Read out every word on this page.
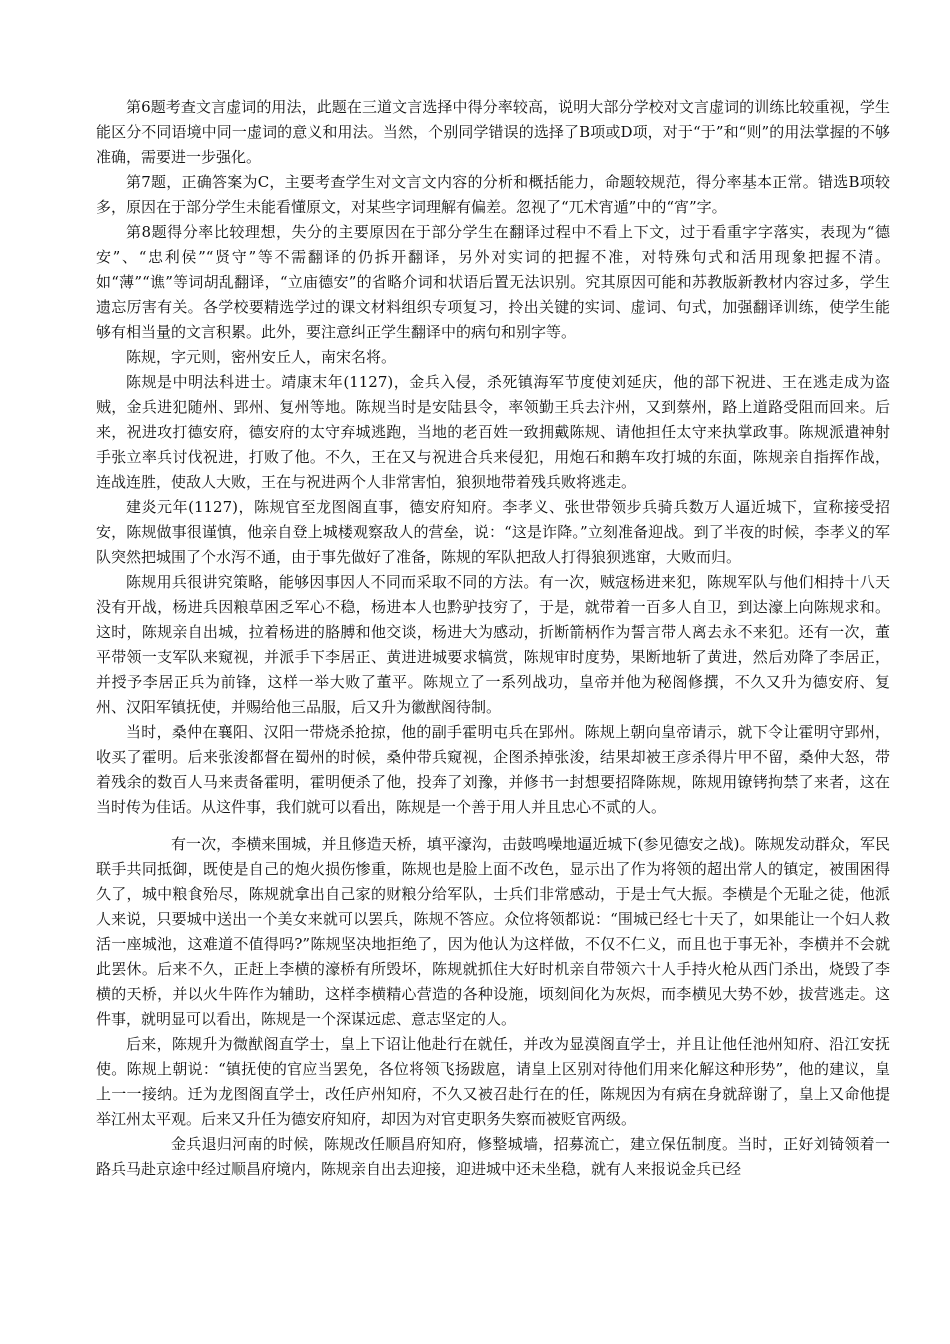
第6题考查文言虚词的用法，此题在三道文言选择中得分率较高，说明大部分学校对文言虚词的训练比较重视，学生能区分不同语境中同一虚词的意义和用法。当然，个别同学错误的选择了B项或D项，对于“于”和“则”的用法掌握的不够准确，需要进一步强化。

第7题，正确答案为C，主要考查学生对文言文内容的分析和概括能力，命题较规范，得分率基本正常。错选B项较多，原因在于部分学生未能看懂原文，对某些字词理解有偏差。忽视了“兀术宵遁”中的“宵”字。

第8题得分率比较理想，失分的主要原因在于部分学生在翻译过程中不看上下文，过于看重字字落实，表现为“德安”、“忠利侯”“贤守”等不需翻译的仍拆开翻译，另外对实词的把握不准，对特殊句式和活用现象把握不清。如“薄”“谯”等词胡乱翻译，“立庙德安”的省略介词和状语后置无法识别。究其原因可能和苏教版新教材内容过多，学生遗忘厉害有关。各学校要精选学过的课文材料组织专项复习，拎出关键的实词、虚词、句式，加强翻译训练，使学生能够有相当量的文言积累。此外，要注意纠正学生翻译中的病句和别字等。

陈规，字元则，密州安丘人，南宋名将。

陈规是中明法科进士。靖康末年(1127)，金兵入侵，杀死镇海军节度使刘延庆，他的部下祝进、王在逃走成为盗贼，金兵进犯随州、郢州、复州等地。陈规当时是安陆县令，率领勤王兵去汴州，又到蔡州，路上道路受阻而回来。后来，祝进攻打德安府，德安府的太守弃城逃跑，当地的老百姓一致拥戴陈规、请他担任太守来执掌政事。陈规派遣神射手张立率兵讨伐祝进，打败了他。不久，王在又与祝进合兵来侵犯，用炮石和鹅车攻打城的东面，陈规亲自指挥作战，连战连胜，使敌人大败，王在与祝进两个人非常害怕，狼狈地带着残兵败将逃走。

建炎元年(1127)，陈规官至龙图阁直事，德安府知府。李孝义、张世带领步兵骑兵数万人逼近城下，宣称接受招安，陈规做事很谨慎，他亲自登上城楼观察敌人的营垒，说：“这是诈降。”立刻准备迎战。到了半夜的时候，李孝义的军队突然把城围了个水泻不通，由于事先做好了准备，陈规的军队把敌人打得狼狈逃窜，大败而归。

陈规用兵很讲究策略，能够因事因人不同而采取不同的方法。有一次，贼寇杨进来犯，陈规军队与他们相持十八天没有开战，杨进兵因粮草困乏军心不稳，杨进本人也黔驴技穷了，于是，就带着一百多人自卫，到达濠上向陈规求和。这时，陈规亲自出城，拉着杨进的胳膊和他交谈，杨进大为感动，折断箭柄作为誓言带人离去永不来犯。还有一次，董平带领一支军队来窥视，并派手下李居正、黄进进城要求犒赏，陈规审时度势，果断地斩了黄进，然后劝降了李居正，并授予李居正兵为前锋，这样一举大败了董平。陈规立了一系列战功，皇帝并他为秘阁修撰，不久又升为德安府、复州、汉阳军镇抚使，并赐给他三品服，后又升为徽猷阁待制。

当时，桑仲在襄阳、汉阳一带烧杀抢掠，他的副手霍明屯兵在郢州。陈规上朝向皇帝请示，就下令让霍明守郢州，收买了霍明。后来张浚都督在蜀州的时候，桑仲带兵窥视，企图杀掉张浚，结果却被王彦杀得片甲不留，桑仲大怒，带着残余的数百人马来责备霍明，霍明便杀了他，投奔了刘豫，并修书一封想要招降陈规，陈规用镣铐拘禁了来者，这在当时传为佳话。从这件事，我们就可以看出，陈规是一个善于用人并且忠心不贰的人。

有一次，李横来围城，并且修造天桥，填平濠沟，击鼓鸣噪地逼近城下(参见德安之战)。陈规发动群众，军民联手共同抵御，既使是自己的炮火损伤惨重，陈规也是脸上面不改色，显示出了作为将领的超出常人的镇定，被围困得久了，城中粮食殆尽，陈规就拿出自己家的财粮分给军队，士兵们非常感动，于是士气大振。李横是个无耻之徒，他派人来说，只要城中送出一个美女来就可以罢兵，陈规不答应。众位将领都说：“围城已经七十天了，如果能让一个妇人救活一座城池，这难道不值得吗?”陈规坚决地拒绝了，因为他认为这样做，不仅不仁义，而且也于事无补，李横并不会就此罢休。后来不久，正赶上李横的濠桥有所毁坏，陈规就抓住大好时机亲自带领六十人手持火枪从西门杀出，烧毁了李横的天桥，并以火牛阵作为辅助，这样李横精心营造的各种设施，顷刻间化为灰烬，而李横见大势不妙，拔营逃走。这件事，就明显可以看出，陈规是一个深谋远虑、意志坚定的人。

后来，陈规升为微猷阁直学士，皇上下诏让他赴行在就任，并改为显漠阁直学士，并且让他任池州知府、沿江安抚使。陈规上朝说：“镇抚使的官应当罢免，各位将领飞扬跋扈，请皇上区别对待他们用来化解这种形势”，他的建议，皇上一一接纳。迁为龙图阁直学士，改任庐州知府，不久又被召赴行在的任，陈规因为有病在身就辞谢了，皇上又命他提举江州太平观。后来又升任为德安府知府，却因为对官吏职务失察而被贬官两级。

金兵退归河南的时候，陈规改任顺昌府知府，修整城墙，招募流亡，建立保伍制度。当时，正好刘锜领着一路兵马赴京途中经过顺昌府境内，陈规亲自出去迎接，迎进城中还未坐稳，就有人来报说金兵已经
